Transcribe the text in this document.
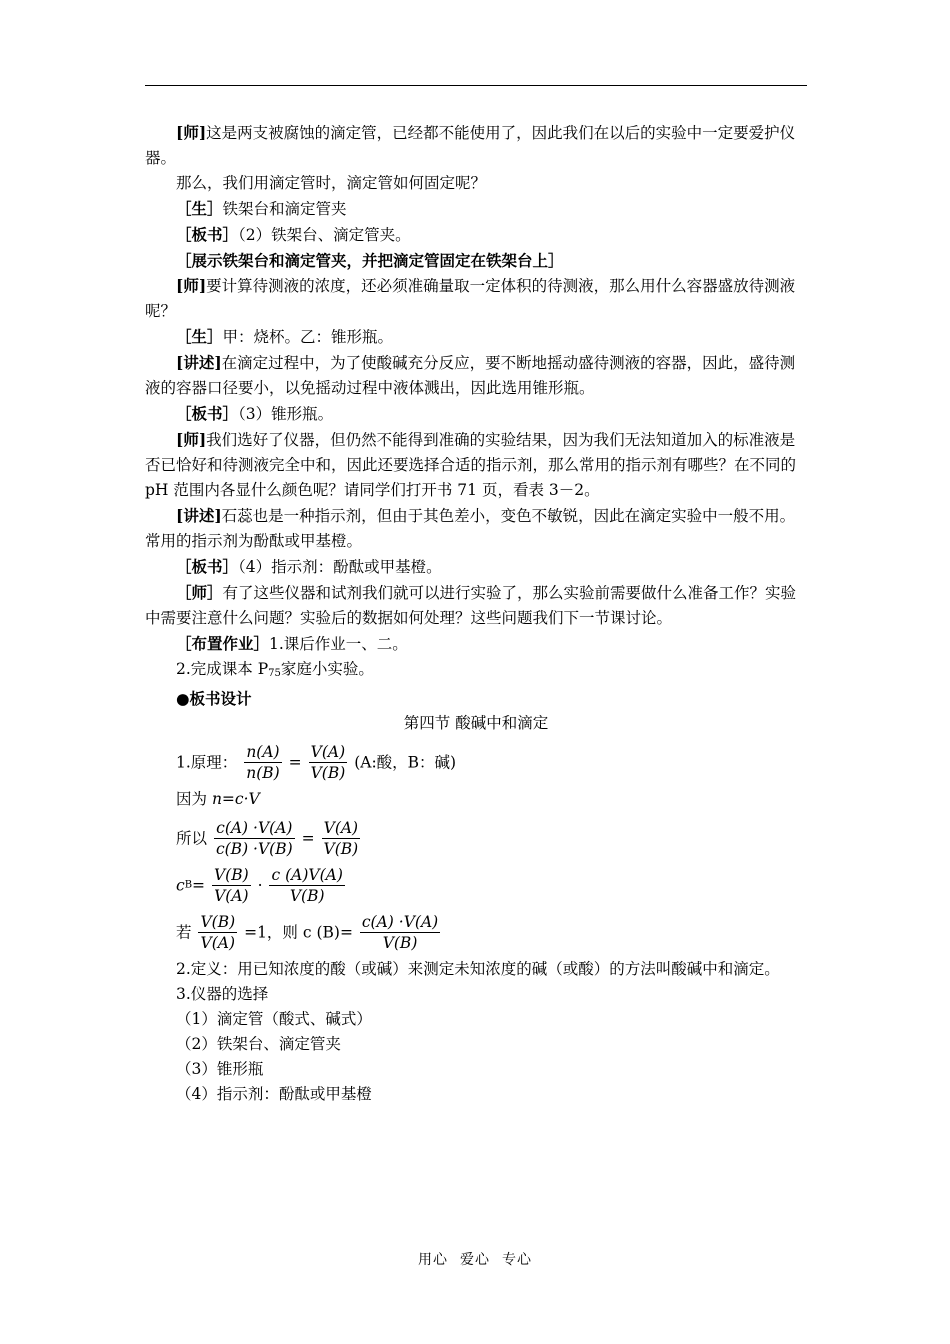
[师]这是两支被腐蚀的滴定管，已经都不能使用了，因此我们在以后的实验中一定要爱护仪器。

那么，我们用滴定管时，滴定管如何固定呢？

［生］铁架台和滴定管夹

［板书］（2）铁架台、滴定管夹。

［展示铁架台和滴定管夹，并把滴定管固定在铁架台上］

[师]要计算待测液的浓度，还必须准确量取一定体积的待测液，那么用什么容器盛放待测液呢？

［生］甲：烧杯。乙：锥形瓶。

[讲述]在滴定过程中，为了使酸碱充分反应，要不断地摇动盛待测液的容器，因此，盛待测液的容器口径要小，以免摇动过程中液体溅出，因此选用锥形瓶。

［板书］（3）锥形瓶。

[师]我们选好了仪器，但仍然不能得到准确的实验结果，因为我们无法知道加入的标准液是否已恰好和待测液完全中和，因此还要选择合适的指示剂，那么常用的指示剂有哪些？在不同的 pH 范围内各显什么颜色呢？请同学们打开书 71 页，看表 3－2。

[讲述]石蕊也是一种指示剂，但由于其色差小，变色不敏锐，因此在滴定实验中一般不用。常用的指示剂为酚酞或甲基橙。

［板书］（4）指示剂：酚酞或甲基橙。

［师］有了这些仪器和试剂我们就可以进行实验了，那么实验前需要做什么准备工作？实验中需要注意什么问题？实验后的数据如何处理？这些问题我们下一节课讨论。

［布置作业］1.课后作业一、二。

2.完成课本 $P_{75}$家庭小实验。

●板书设计

第四节 酸碱中和滴定

1.原理： $\frac{n(A)}{n(B)} = \frac{V(A)}{V(B)} (A$:酸，B：碱)

因为 n=c·V

所以 $\frac{c(A) \cdot V(A)}{c(B) \cdot V(B)} = \frac{V(A)}{V(B)}$
$cB= \frac{V(B)}{V(A)} \cdot \frac{c (A)V(A)}{V(B)}$
若 $\frac{V(B)}{V(A)} =1$，则 c $(B)= \frac{c(A) \cdot V(A)}{V(B)}$

2.定义：用已知浓度的酸（或碱）来测定未知浓度的碱（或酸）的方法叫酸碱中和滴定。

3.仪器的选择

（1）滴定管（酸式、碱式）

（2）铁架台、滴定管夹

（3）锥形瓶

（4）指示剂：酚酞或甲基橙

用心 爱心 专心
